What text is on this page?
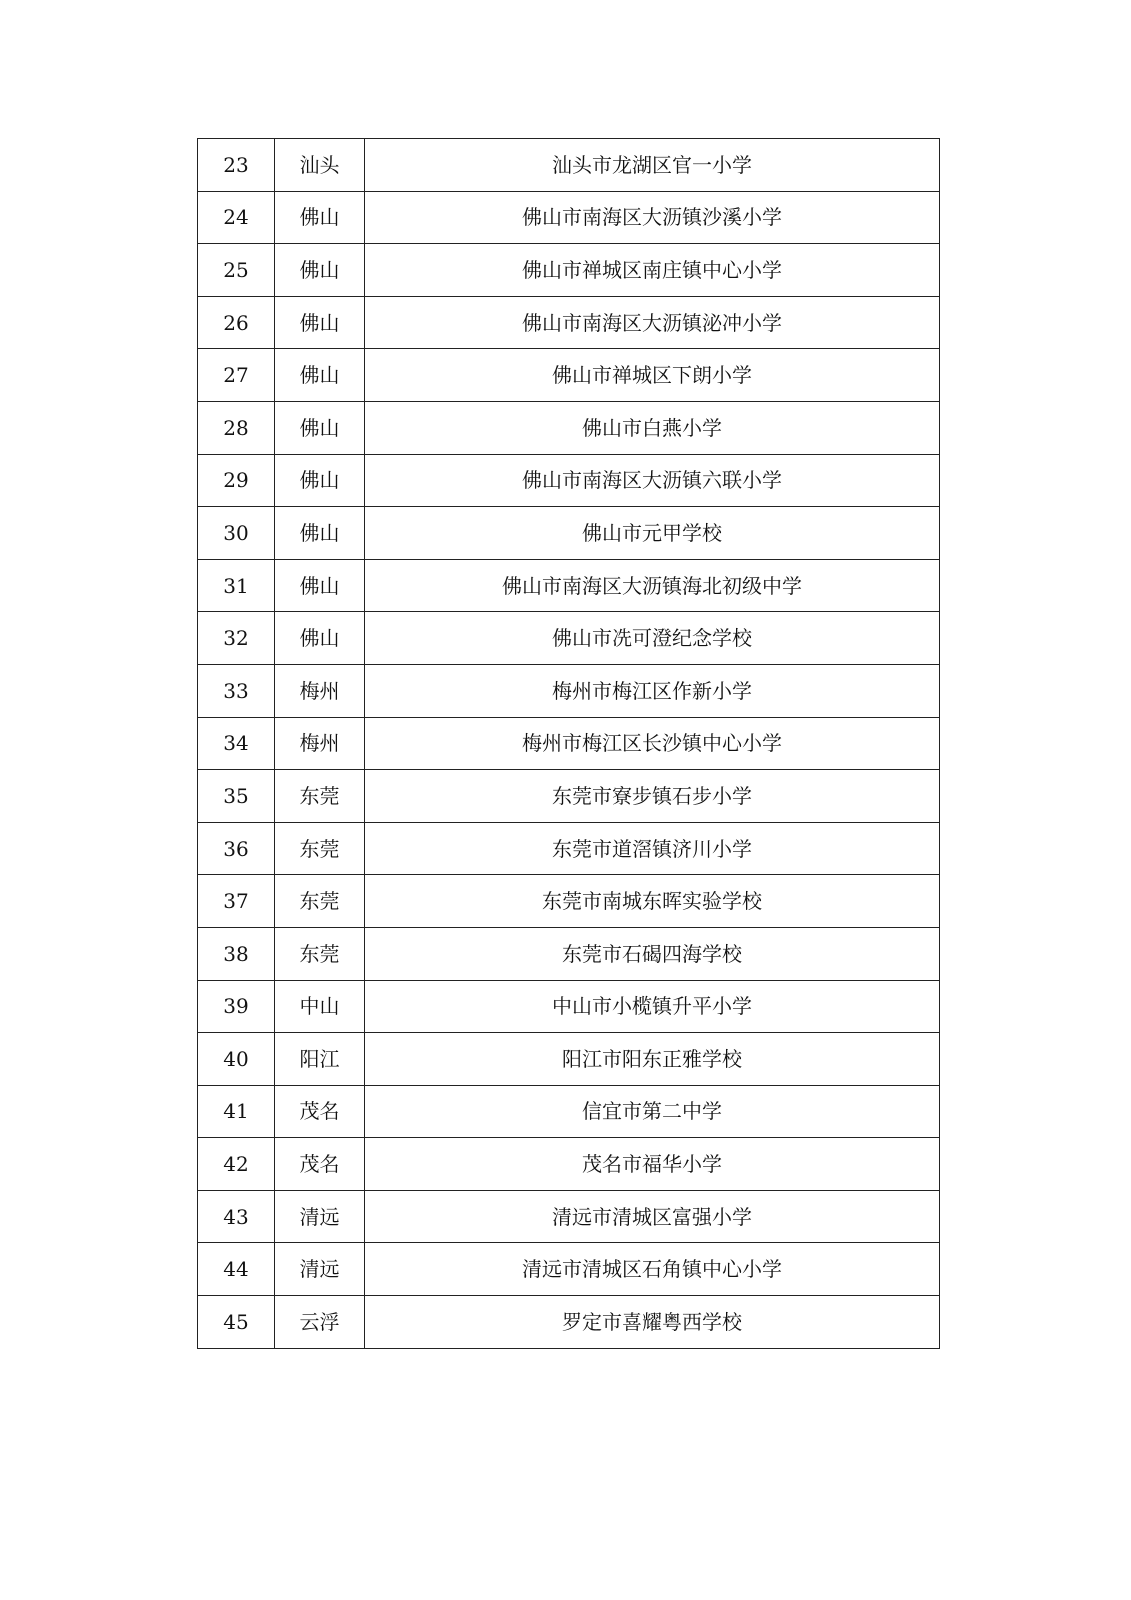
23	汕头	汕头市龙湖区官一小学
24	佛山	佛山市南海区大沥镇沙溪小学
25	佛山	佛山市禅城区南庄镇中心小学
26	佛山	佛山市南海区大沥镇泌冲小学
27	佛山	佛山市禅城区下朗小学
28	佛山	佛山市白燕小学
29	佛山	佛山市南海区大沥镇六联小学
30	佛山	佛山市元甲学校
31	佛山	佛山市南海区大沥镇海北初级中学
32	佛山	佛山市冼可澄纪念学校
33	梅州	梅州市梅江区作新小学
34	梅州	梅州市梅江区长沙镇中心小学
35	东莞	东莞市寮步镇石步小学
36	东莞	东莞市道滘镇济川小学
37	东莞	东莞市南城东晖实验学校
38	东莞	东莞市石碣四海学校
39	中山	中山市小榄镇升平小学
40	阳江	阳江市阳东正雅学校
41	茂名	信宜市第二中学
42	茂名	茂名市福华小学
43	清远	清远市清城区富强小学
44	清远	清远市清城区石角镇中心小学
45	云浮	罗定市喜耀粤西学校
